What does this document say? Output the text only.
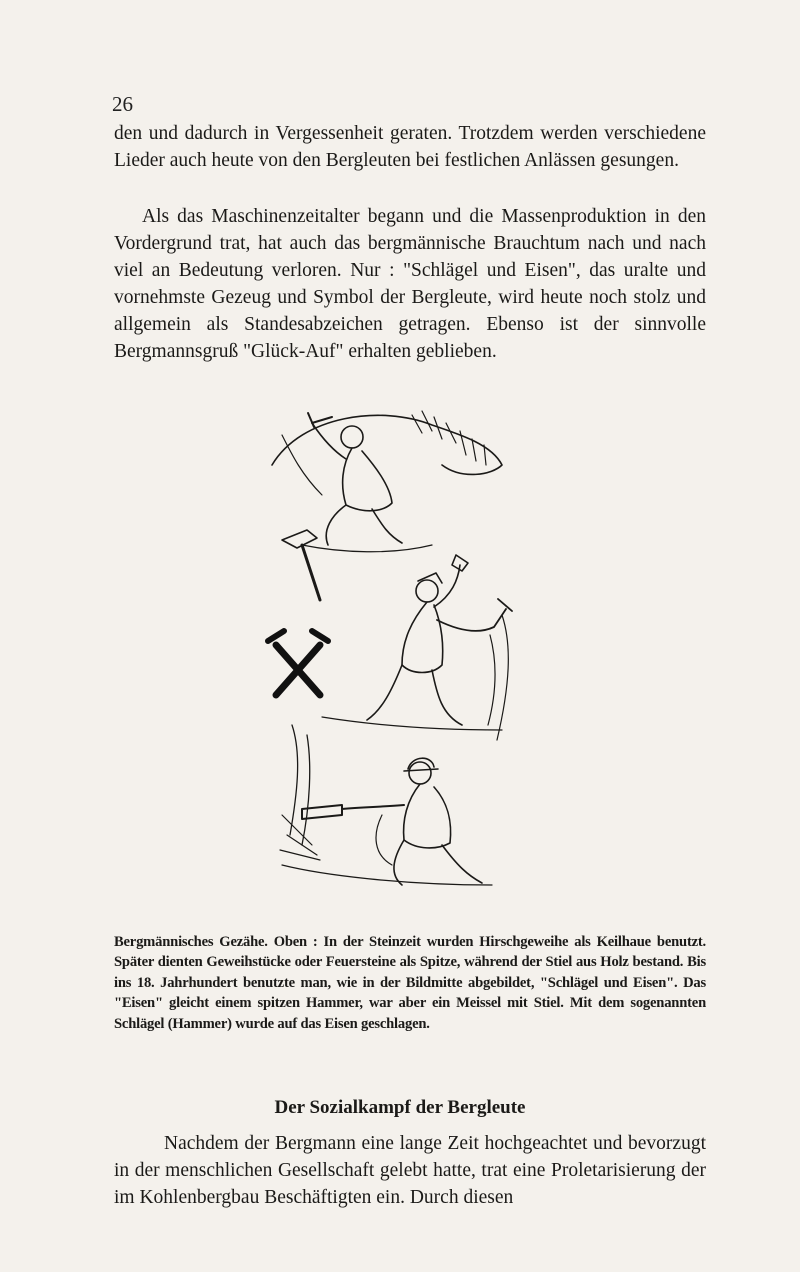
26

den und dadurch in Vergessenheit geraten. Trotzdem werden verschiedene Lieder auch heute von den Bergleuten bei festlichen Anlässen gesungen.

Als das Maschinenzeitalter begann und die Massenproduktion in den Vordergrund trat, hat auch das bergmännische Brauchtum nach und nach viel an Bedeutung verloren. Nur : "Schlägel und Eisen", das uralte und vornehmste Gezeug und Symbol der Bergleute, wird heute noch stolz und allgemein als Standesabzeichen getragen. Ebenso ist der sinnvolle Bergmannsgruß "Glück-Auf" erhalten geblieben.

Bergmännisches Gezähe. Oben : In der Steinzeit wurden Hirschgeweihe als Keilhaue benutzt. Später dienten Geweihstücke oder Feuersteine als Spitze, während der Stiel aus Holz bestand. Bis ins 18. Jahrhundert benutzte man, wie in der Bildmitte abgebildet, "Schlägel und Eisen". Das "Eisen" gleicht einem spitzen Hammer, war aber ein Meissel mit Stiel. Mit dem sogenannten Schlägel (Hammer) wurde auf das Eisen geschlagen.

Der Sozialkampf der Bergleute

Nachdem der Bergmann eine lange Zeit hochgeachtet und bevorzugt in der menschlichen Gesellschaft gelebt hatte, trat eine Proletarisierung der im Kohlenbergbau Beschäftigten ein. Durch diesen
